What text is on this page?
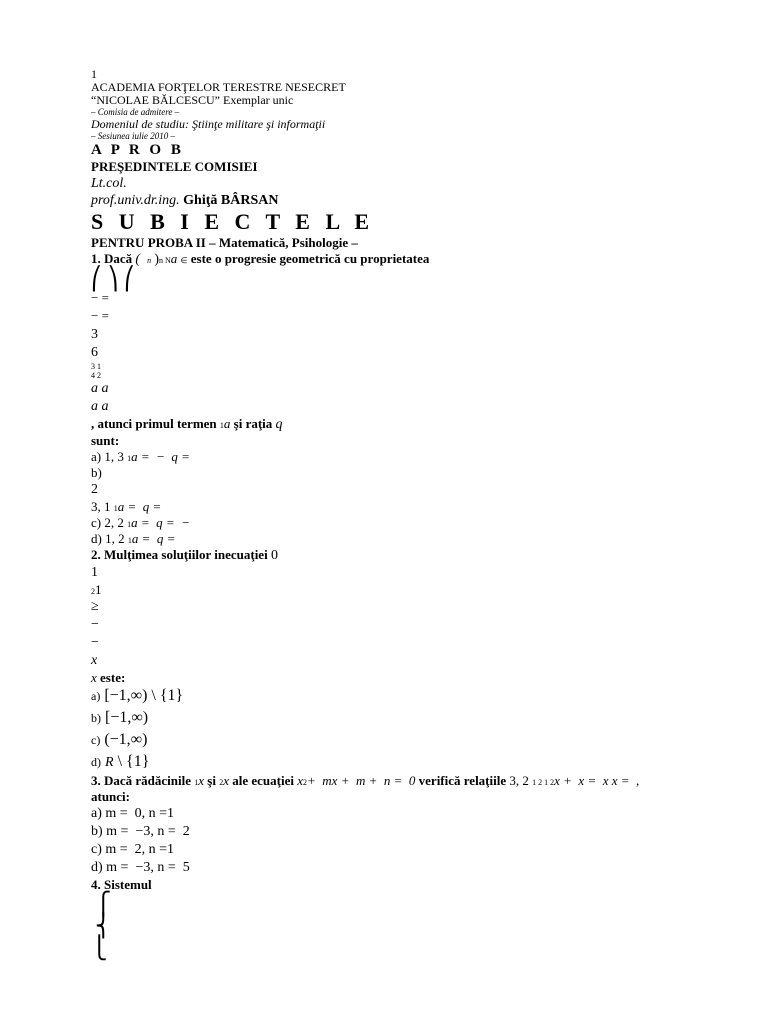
1
ACADEMIA FORŢELOR TERESTRE NESECRET
“NICOLAE BĂLCESCU” Exemplar unic
– Comisia de admitere –
Domeniul de studiu: Ştiinţe militare şi informaţii
– Sesiunea iulie 2010 –
A P R O B
PREŞEDINTELE COMISIEI
Lt.col.
prof.univ.dr.ing. Ghiţă BÂRSAN
S U B I E C T E L E
PENTRU PROBA II – Matematică, Psihologie –
1. Dacă (  n )n Na ∈ este o progresie geometrică cu proprietatea
⎛ ⎞ ⎛
− =
− =
3
6
3 1
4 2
a a
a a
, atunci primul termen 1a şi raţia q
sunt:
a) 1, 3 1a =  −  q =
b)
2
3, 1 1a =  q =
c) 2, 2 1a =  q =  −
d) 1, 2 1a =  q =
2. Mulţimea soluţiilor inecuaţiei 0
1
21
≥
−
−
x
x este:
a) [−1,∞) \ {1}
b) [−1,∞)
c) (−1,∞)
d) R \ {1}
3. Dacă rădăcinile 1x şi 2x ale ecuaţiei x2+  mx +  m +  n =  0 verifică relaţiile 3, 2 1 2 1 2x +  x =  x x =  ,
atunci:
a) m =  0, n =1
b) m =  −3, n =  2
c) m =  2, n =1
d) m =  −3, n =  5
4. Sistemul
⎧
⎨
⎩
